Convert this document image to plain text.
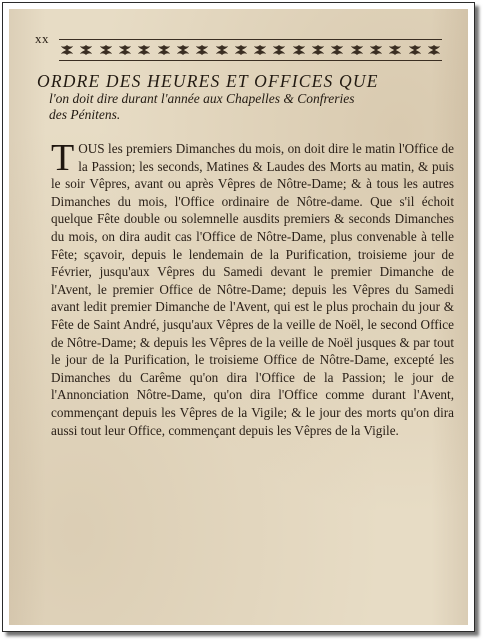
xx
ORDRE DES HEURES ET OFFICES QUE
l'on doit dire durant l'année aux Chapelles & Confreries
des Pénitens.

TOUS les premiers Dimanches du mois, on doit dire le matin l'Office de la Passion; les seconds, Matines & Laudes des Morts au matin, & puis le soir Vêpres, avant ou après Vêpres de Nôtre-Dame; & à tous les autres Dimanches du mois, l'Office ordinaire de Nôtre-dame. Que s'il échoit quelque Fête double ou solemnelle ausdits premiers & seconds Dimanches du mois, on dira audit cas l'Office de Nôtre-Dame, plus convenable à telle Fête; sçavoir, depuis le lendemain de la Purification, troisieme jour de Février, jusqu'aux Vêpres du Samedi devant le premier Dimanche de l'Avent, le premier Office de Nôtre-Dame; depuis les Vêpres du Samedi avant ledit premier Dimanche de l'Avent, qui est le plus prochain du jour & Fête de Saint André, jusqu'aux Vêpres de la veille de Noël, le second Office de Nôtre-Dame; & depuis les Vêpres de la veille de Noël jusques & par tout le jour de la Purification, le troisieme Office de Nôtre-Dame, excepté les Dimanches du Carême qu'on dira l'Office de la Passion; le jour de l'Annonciation Nôtre-Dame, qu'on dira l'Office comme durant l'Avent, commençant depuis les Vêpres de la Vigile; & le jour des morts qu'on dira aussi tout leur Office, commençant depuis les Vêpres de la Vigile.
